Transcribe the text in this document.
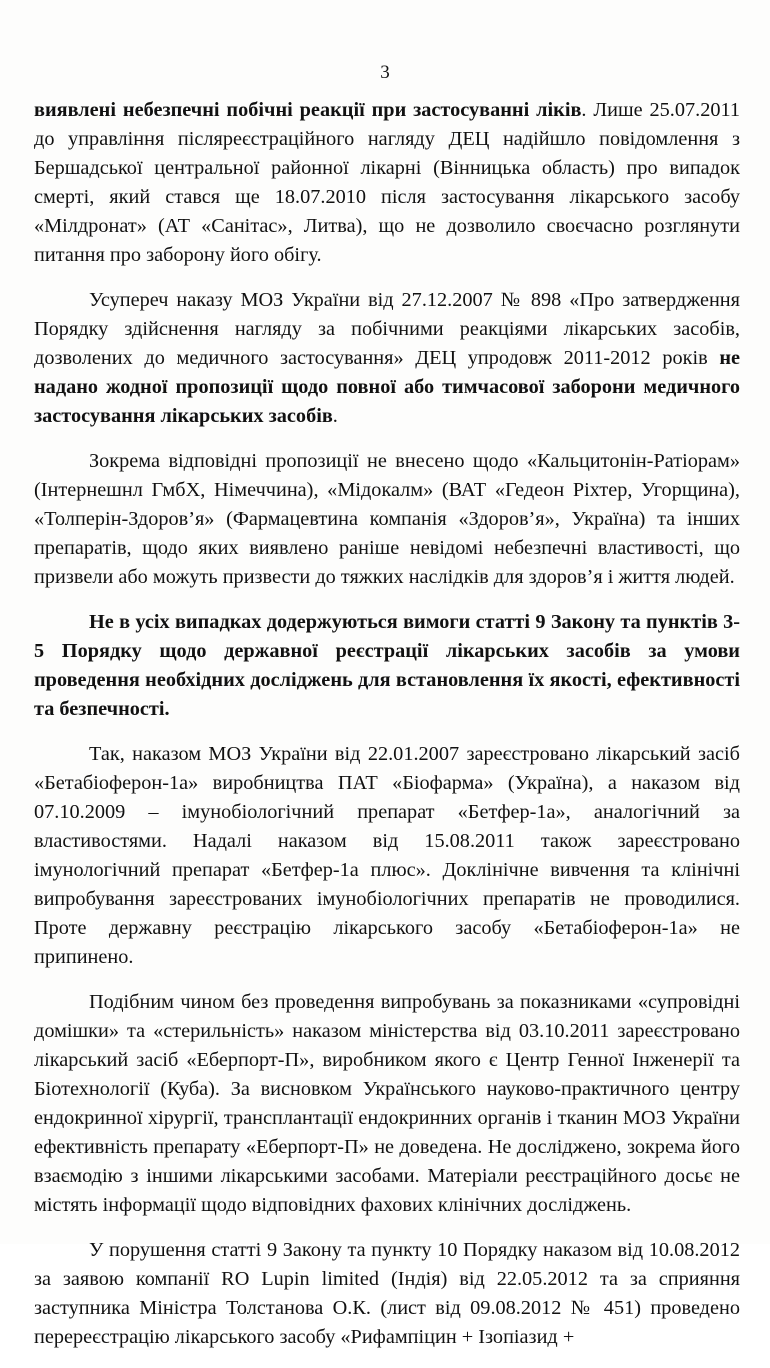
3

виявлені небезпечні побічні реакції при застосуванні ліків. Лише 25.07.2011 до управління післяреєстраційного нагляду ДЕЦ надійшло повідомлення з Бершадської центральної районної лікарні (Вінницька область) про випадок смерті, який стався ще 18.07.2010 після застосування лікарського засобу «Мілдронат» (АТ «Санітас», Литва), що не дозволило своєчасно розглянути питання про заборону його обігу.

Усупереч наказу МОЗ України від 27.12.2007 № 898 «Про затвердження Порядку здійснення нагляду за побічними реакціями лікарських засобів, дозволених до медичного застосування» ДЕЦ упродовж 2011-2012 років не надано жодної пропозиції щодо повної або тимчасової заборони медичного застосування лікарських засобів.

Зокрема відповідні пропозиції не внесено щодо «Кальцитонін-Ратіорам» (Інтернешнл ГмбХ, Німеччина), «Мідокалм» (ВАТ «Гедеон Ріхтер, Угорщина), «Толперін-Здоров’я» (Фармацевтина компанія «Здоров’я», Україна) та інших препаратів, щодо яких виявлено раніше невідомі небезпечні властивості, що призвели або можуть призвести до тяжких наслідків для здоров’я і життя людей.

Не в усіх випадках додержуються вимоги статті 9 Закону та пунктів 3-5 Порядку щодо державної реєстрації лікарських засобів за умови проведення необхідних досліджень для встановлення їх якості, ефективності та безпечності.

Так, наказом МОЗ України від 22.01.2007 зареєстровано лікарський засіб «Бетабіоферон-1а» виробництва ПАТ «Біофарма» (Україна), а наказом від 07.10.2009 – імунобіологічний препарат «Бетфер-1а», аналогічний за властивостями. Надалі наказом від 15.08.2011 також зареєстровано імунологічний препарат «Бетфер-1а плюс». Доклінічне вивчення та клінічні випробування зареєстрованих імунобіологічних препаратів не проводилися. Проте державну реєстрацію лікарського засобу «Бетабіоферон-1а» не припинено.

Подібним чином без проведення випробувань за показниками «супровідні домішки» та «стерильність» наказом міністерства від 03.10.2011 зареєстровано лікарський засіб «Еберпорт-П», виробником якого є Центр Генної Інженерії та Біотехнології (Куба). За висновком Українського науково-практичного центру ендокринної хірургії, трансплантації ендокринних органів і тканин МОЗ України ефективність препарату «Еберпорт-П» не доведена. Не досліджено, зокрема його взаємодію з іншими лікарськими засобами. Матеріали реєстраційного досьє не містять інформації щодо відповідних фахових клінічних досліджень.

У порушення статті 9 Закону та пункту 10 Порядку наказом від 10.08.2012 за заявою компанії RO Lupin limited (Індія) від 22.05.2012 та за сприяння заступника Міністра Толстанова О.К. (лист від 09.08.2012 № 451) проведено перереєстрацію лікарського засобу «Рифампіцин + Ізопіазид +
